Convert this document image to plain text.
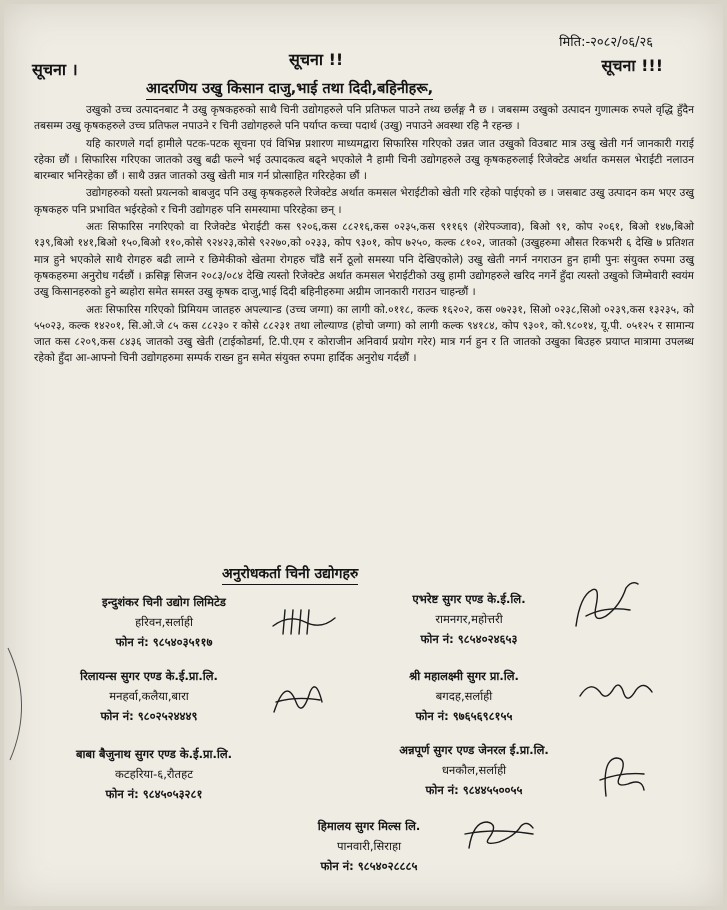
मिति:-२०८२/०६/२६
सूचना ।
सूचना !!	सूचना !!!
आदरणिय उखु किसान दाजु,भाई तथा दिदी,बहिनीहरू,

उखुको उच्च उत्पादनबाट नै उखु कृषकहरुको साथै चिनी उद्योगहरुले पनि प्रतिफल पाउने तथ्य छर्लङ्ग नै छ । जबसम्म उखुको उत्पादन गुणात्मक रुपले वृद्धि हुँदैन तबसम्म उखु कृषकहरुले उच्च प्रतिफल नपाउने र चिनी उद्योगहरुले पनि पर्याप्त कच्चा पदार्थ (उखु) नपाउने अवस्था रहि नै रहन्छ ।

यहि कारणले गर्दा हामीले पटक-पटक सूचना एवं विभिन्न प्रशारण माध्यमद्वारा सिफारिस गरिएको उन्नत जात उखुको विउबाट मात्र उखु खेती गर्न जानकारी गराई रहेका छौं । सिफारिस गरिएका जातको उखु बढी फल्ने भई उत्पादकत्व बढ्ने भएकोले नै हामी चिनी उद्योगहरुले उखु कृषकहरुलाई रिजेक्टेड अर्थात कमसल भेराईटी नलाउन बारम्बार भनिरहेका छौं । साथै उन्नत जातको उखु खेती मात्र गर्न प्रोत्साहित गरिरहेका छौं ।

उद्योगहरुको यस्तो प्रयत्नको बाबजुद पनि उखु कृषकहरुले रिजेक्टेड अर्थात कमसल भेराईटीको खेती गरि रहेको पाईएको छ । जसबाट उखु उत्पादन कम भएर उखु कृषकहरु पनि प्रभावित भईरहेको र चिनी उद्योगहरु पनि समस्यामा परिरहेका छन् ।

अतः सिफारिस नगरिएको वा रिजेक्टेड भेराईटी कस ९२०६,कस ८८२१६,कस ०२३५,कस ९११६९ (शेरेपञ्जाव), बिओ ९१, कोप २०६१, बिओ १४७,बिओ १३९,बिओ १४१,बिओ १५०,बिओ ११०,कोसे ९२४२३,कोसे ९२२७०,को ०२३३, कोप ९३०१, कोप ७२५०, कल्क ८१०२, जातको (उखुहरुमा औसत रिकभरी ६ देखि ७ प्रतिशत मात्र हुने भएकोले साथै रोगहरु बढी लाग्ने र छिमेकीको खेतमा रोगहरु चाँडै सर्ने ठूलो समस्या पनि देखिएकोले) उखु खेती नगर्न नगराउन हुन हामी पुनः संयुक्त रुपमा उखु कृषकहरुमा अनुरोध गर्दछौं । क्रसिङ्ग सिजन २०८३/०८४ देखि त्यस्तो रिजेक्टेड अर्थात कमसल भेराईटीको उखु हामी उद्योगहरुले खरिद नगर्ने हुँदा त्यस्तो उखुको जिम्मेवारी स्वयंम उखु किसानहरुको हुने ब्यहोरा समेत समस्त उखु कृषक दाजु,भाई दिदी बहिनीहरुमा अग्रीम जानकारी गराउन चाहन्छौं ।

अतः सिफारिस गरिएको प्रिमियम जातहरु अपल्यान्ड (उच्च जग्गा) का लागी को.०११८, कल्क १६२०२, कस ०७२३१, सिओ ०२३८,सिओ ०२३९,कस १३२३५, को ५५०२३, कल्क १४२०१, सि.ओ.जे ८५ कस ८८२३० र कोसे ८८२३१ तथा लोल्याण्ड (होचो जग्गा) को लागी कल्क ९४१८४, कोप ९३०१, को.९८०१४, यू.पी. ०५१२५ र सामान्य जात कस ८२०९,कस ८४३६ जातको उखु खेती (टाईकोडर्मा, टि.पी.एम र कोराजीन अनिवार्य प्रयोग गरेर) मात्र गर्न हुन र ति जातको उखुका बिउहरु प्रयाप्त मात्रामा उपलब्ध रहेको हुँदा आ-आफ्नो चिनी उद्योगहरुमा सम्पर्क राख्न हुन समेत संयुक्त रुपमा हार्दिक अनुरोध गर्दछौं ।

अनुरोधकर्ता चिनी उद्योगहरु
इन्दुशंकर चिनी उद्योग लिमिटेड
हरिवन,सर्लाही
फोन नं: ९८५४०३५११७
एभरेष्ट सुगर एण्ड के.ई.लि.
रामनगर,महोत्तरी
फोन नं: ९८५४०२४६५३
रिलायन्स सुगर एण्ड के.ई.प्रा.लि.
मनहर्वा,कलैया,बारा
फोन नं: ९८०२५२४४४९
श्री महालक्ष्मी सुगर प्रा.लि.
बगदह,सर्लाही
फोन नं: ९७६५६९८१५५
बाबा बैजुनाथ सुगर एण्ड के.ई.प्रा.लि.
कटहरिया-६,रौतहट
फोन नं: ९८४५०५३२८१
अन्नपूर्ण सुगर एण्ड जेनरल ई.प्रा.लि.
धनकौल,सर्लाही
फोन नं: ९८४४५५००५५
हिमालय सुगर मिल्स लि.
पानवारी,सिराहा
फोन नं: ९८५४०२८८८५
